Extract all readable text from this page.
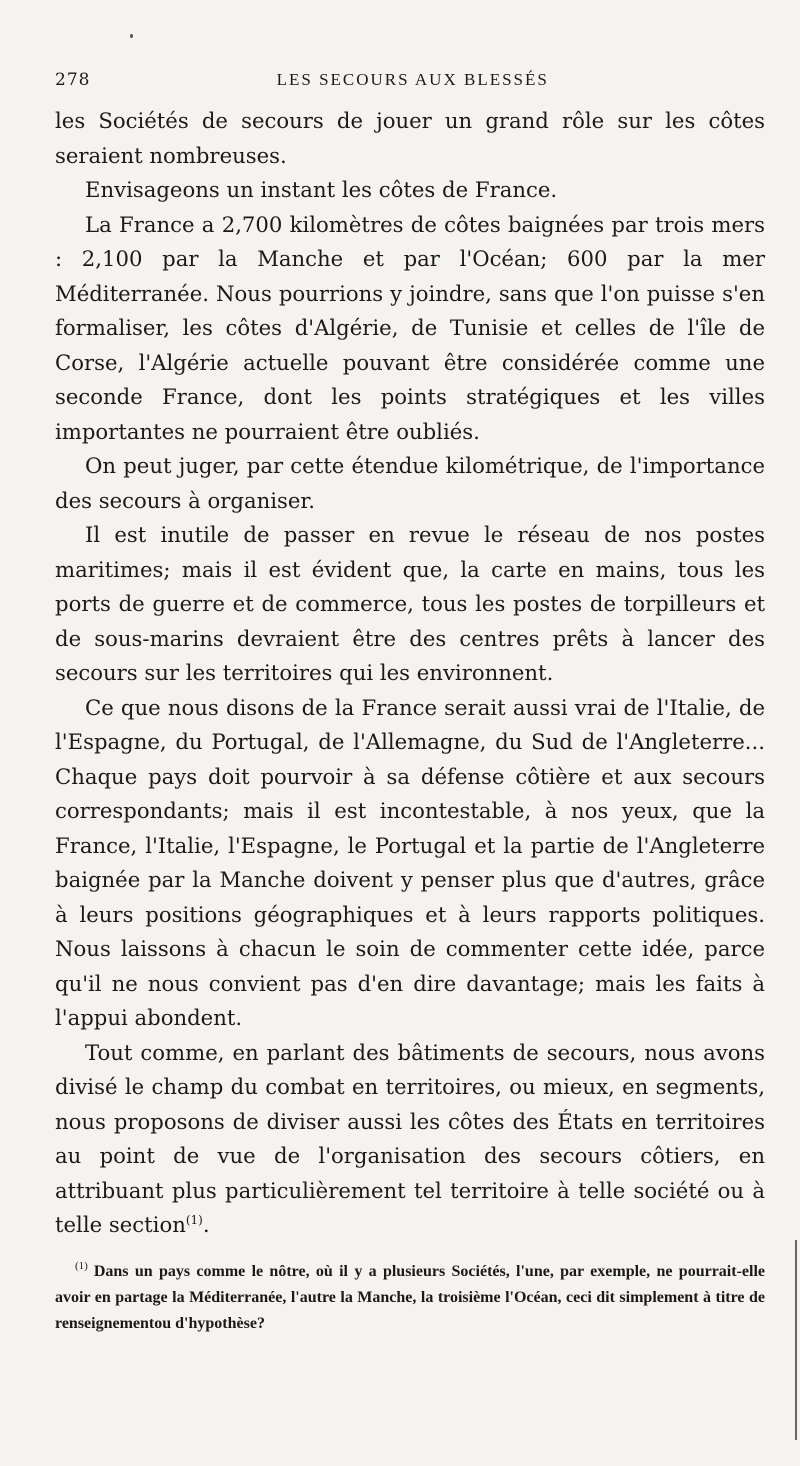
278	LES SECOURS AUX BLESSÉS

les Sociétés de secours de jouer un grand rôle sur les côtes seraient nombreuses.

Envisageons un instant les côtes de France.

La France a 2,700 kilomètres de côtes baignées par trois mers : 2,100 par la Manche et par l'Océan; 600 par la mer Méditerranée. Nous pourrions y joindre, sans que l'on puisse s'en formaliser, les côtes d'Algérie, de Tunisie et celles de l'île de Corse, l'Algérie actuelle pouvant être considérée comme une seconde France, dont les points stratégiques et les villes importantes ne pourraient être oubliés.

On peut juger, par cette étendue kilométrique, de l'importance des secours à organiser.

Il est inutile de passer en revue le réseau de nos postes maritimes; mais il est évident que, la carte en mains, tous les ports de guerre et de commerce, tous les postes de torpilleurs et de sous-marins devraient être des centres prêts à lancer des secours sur les territoires qui les environnent.

Ce que nous disons de la France serait aussi vrai de l'Italie, de l'Espagne, du Portugal, de l'Allemagne, du Sud de l'Angleterre... Chaque pays doit pourvoir à sa défense côtière et aux secours correspondants; mais il est incontestable, à nos yeux, que la France, l'Italie, l'Espagne, le Portugal et la partie de l'Angleterre baignée par la Manche doivent y penser plus que d'autres, grâce à leurs positions géographiques et à leurs rapports politiques. Nous laissons à chacun le soin de commenter cette idée, parce qu'il ne nous convient pas d'en dire davantage; mais les faits à l'appui abondent.

Tout comme, en parlant des bâtiments de secours, nous avons divisé le champ du combat en territoires, ou mieux, en segments, nous proposons de diviser aussi les côtes des États en territoires au point de vue de l'organisation des secours côtiers, en attribuant plus particulièrement tel territoire à telle société ou à telle section$^{(1)}$.

$^{(1)}$ Dans un pays comme le nôtre, où il y a plusieurs Sociétés, l'une, par exemple, ne pourrait-elle avoir en partage la Méditerranée, l'autre la Manche, la troisième l'Océan, ceci dit simplement à titre de renseignementou d'hypothèse?
